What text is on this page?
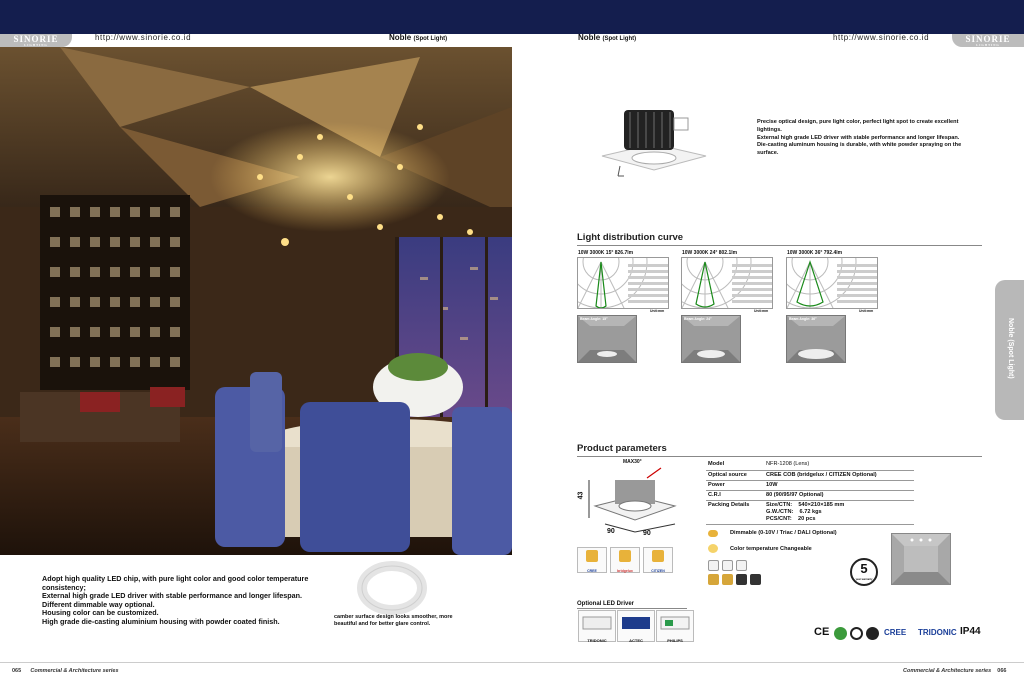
SINORIE
LIGHTING
http://www.sinorie.co.id	Noble (Spot Light)	Noble (Spot Light)	http://www.sinorie.co.id	SINORIE
LIGHTING
Adopt high quality LED chip, with pure light color and good color temperature consistency;
External high grade LED driver with stable performance and longer lifespan.
Different dimmable way optional.
Housing color can be customized.
High grade die-casting aluminium housing with powder coated finish.	camber surface design looks smoother, more beautiful and for better glare control.
065 Commercial & Architecture series	Commercial & Architecture series 066
Precise optical design, pure light color, perfect light spot to create excellent lightings.
External high grade LED driver with stable performance and longer lifespan.
Die-casting aluminum housing is durable, with white powder spraying on the surface.
Noble (Spot Light)
Light distribution curve
10W 3000K 15° 826.7lm	10W 3000K 24° 802.1lm	10W 3000K 36° 792.4lm
Unit:mm	Unit:mm	Unit:mm
Beam Angle: 15°	Beam Angle: 24°	Beam Angle: 36°
Product parameters
MAX30°
43
90	90
Model	NFR-1208 (Lens)
Optical source	CREE COB (bridgelux / CITIZEN Optional)
Power	10W
C.R.I	80 (90/95/97 Optional)
Packing Details	Size/CTN:    540×210×185 mm
G.W./CTN:    6.72 kgs
PCS/CNT:    20 pcs
CREE	bridgelux	CITIZEN
Dimmable (0-10V / Triac / DALI Optional)
Color temperature Changeable
5
year warranty
Optional LED Driver
TRIDONIC	ACTEC	PHILIPS
CE	CREE TRIDONIC IP44
